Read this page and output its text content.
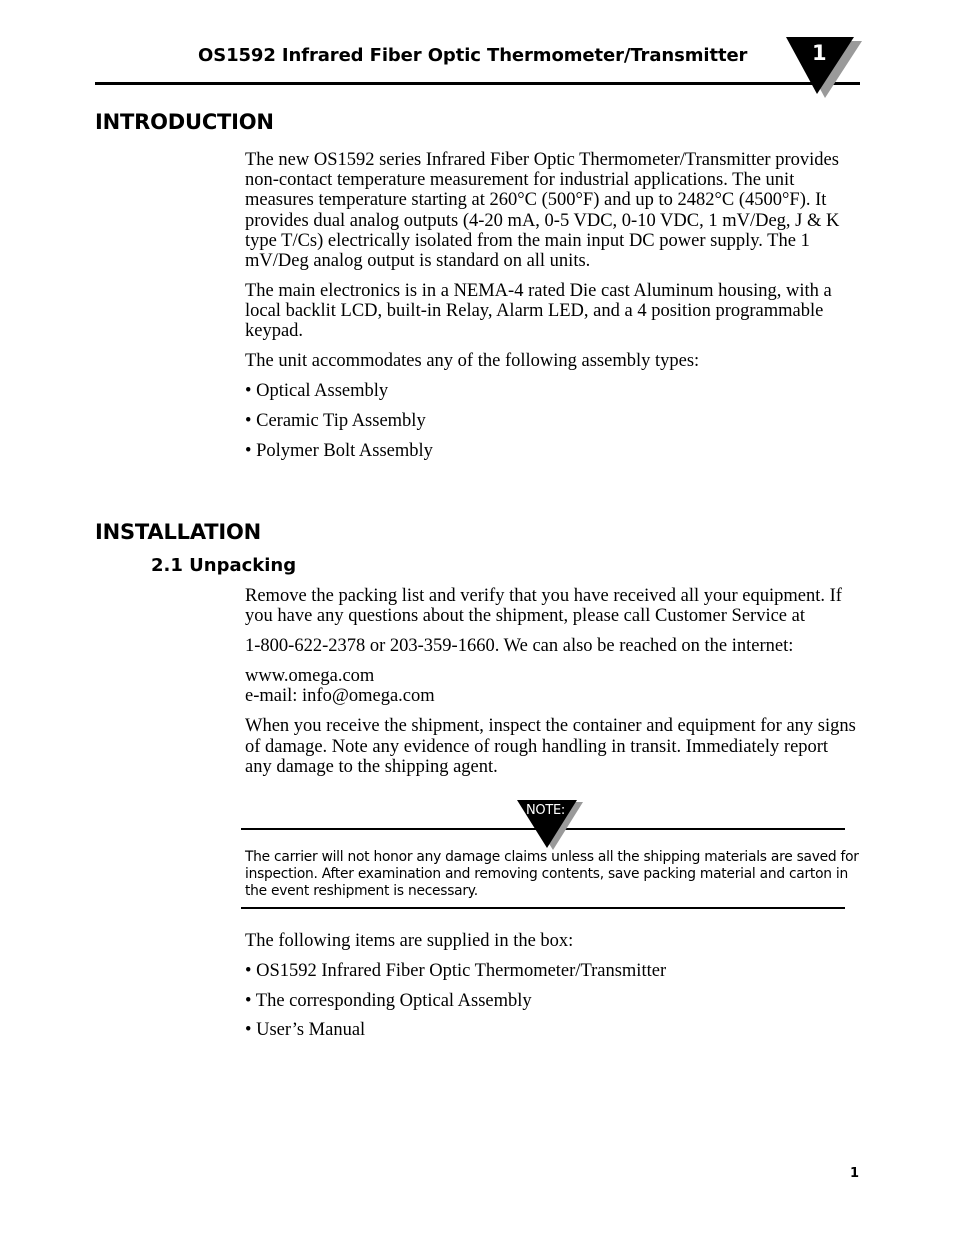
OS1592 Infrared Fiber Optic Thermometer/Transmitter	1
INTRODUCTION

The new OS1592 series Infrared Fiber Optic Thermometer/Transmitter provides non-contact temperature measurement for industrial applications. The unit measures temperature starting at 260°C (500°F) and up to 2482°C (4500°F). It provides dual analog outputs (4-20 mA, 0-5 VDC, 0-10 VDC, 1 mV/Deg, J & K type T/Cs) electrically isolated from the main input DC power supply. The 1 mV/Deg analog output is standard on all units.

The main electronics is in a NEMA-4 rated Die cast Aluminum housing, with a local backlit LCD, built-in Relay, Alarm LED, and a 4 position programmable keypad.

The unit accommodates any of the following assembly types:

• Optical Assembly

• Ceramic Tip Assembly

• Polymer Bolt Assembly

INSTALLATION
2.1 Unpacking

Remove the packing list and verify that you have received all your equipment. If you have any questions about the shipment, please call Customer Service at

1-800-622-2378 or 203-359-1660. We can also be reached on the internet:

www.omega.com
e-mail: info@omega.com

When you receive the shipment, inspect the container and equipment for any signs of damage. Note any evidence of rough handling in transit. Immediately report any damage to the shipping agent.

NOTE:
The carrier will not honor any damage claims unless all the shipping materials are saved for inspection. After examination and removing contents, save packing material and carton in the event reshipment is necessary.

The following items are supplied in the box:

• OS1592 Infrared Fiber Optic Thermometer/Transmitter

• The corresponding Optical Assembly

• User’s Manual

1
